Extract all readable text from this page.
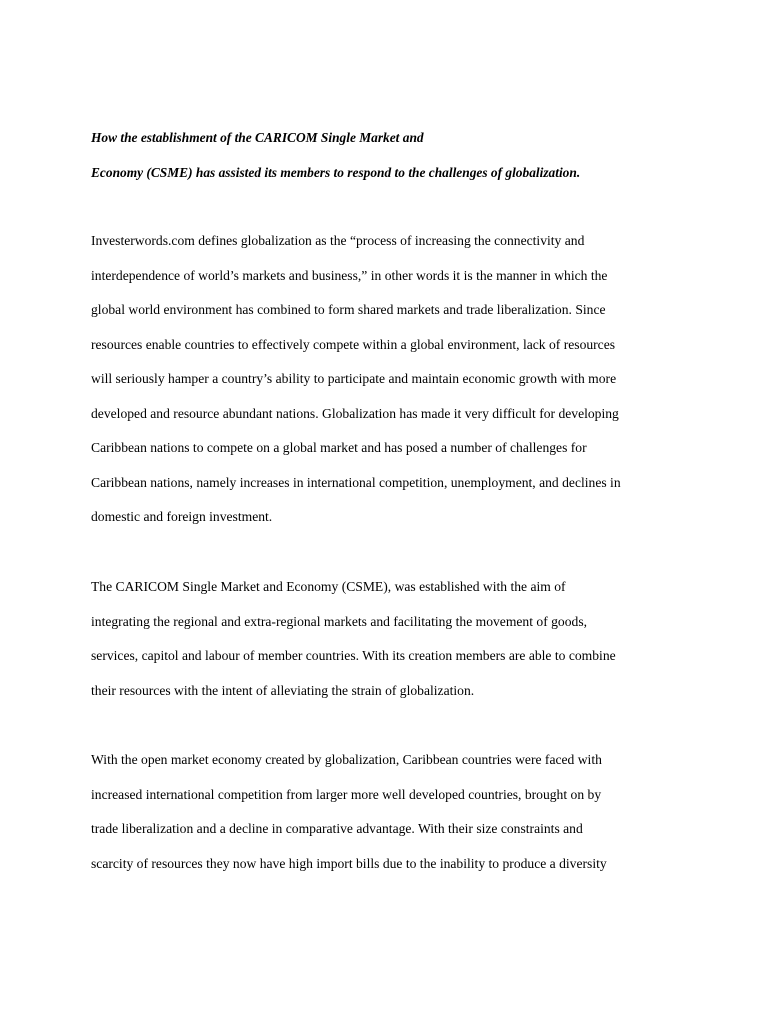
How the establishment of the CARICOM Single Market and

Economy (CSME) has assisted its members to respond to the challenges of globalization.

Investerwords.com defines globalization as the “process of increasing the connectivity and

interdependence of world’s markets and business,” in other words it is the manner in which the

global world environment has combined to form shared markets and trade liberalization. Since

resources enable countries to effectively compete within a global environment, lack of resources

will seriously hamper a country’s ability to participate and maintain economic growth with more

developed and resource abundant nations. Globalization has made it very difficult for developing

Caribbean nations to compete on a global market and has posed a number of challenges for

Caribbean nations, namely increases in international competition, unemployment, and declines in

domestic and foreign investment.

The CARICOM Single Market and Economy (CSME), was established with the aim of

integrating the regional and extra-regional markets and facilitating the movement of goods,

services, capitol and labour of member countries. With its creation members are able to combine

their resources with the intent of alleviating the strain of globalization.

With the open market economy created by globalization, Caribbean countries were faced with

increased international competition from larger more well developed countries, brought on by

trade liberalization and a decline in comparative advantage. With their size constraints and

scarcity of resources they now have high import bills due to the inability to produce a diversity
